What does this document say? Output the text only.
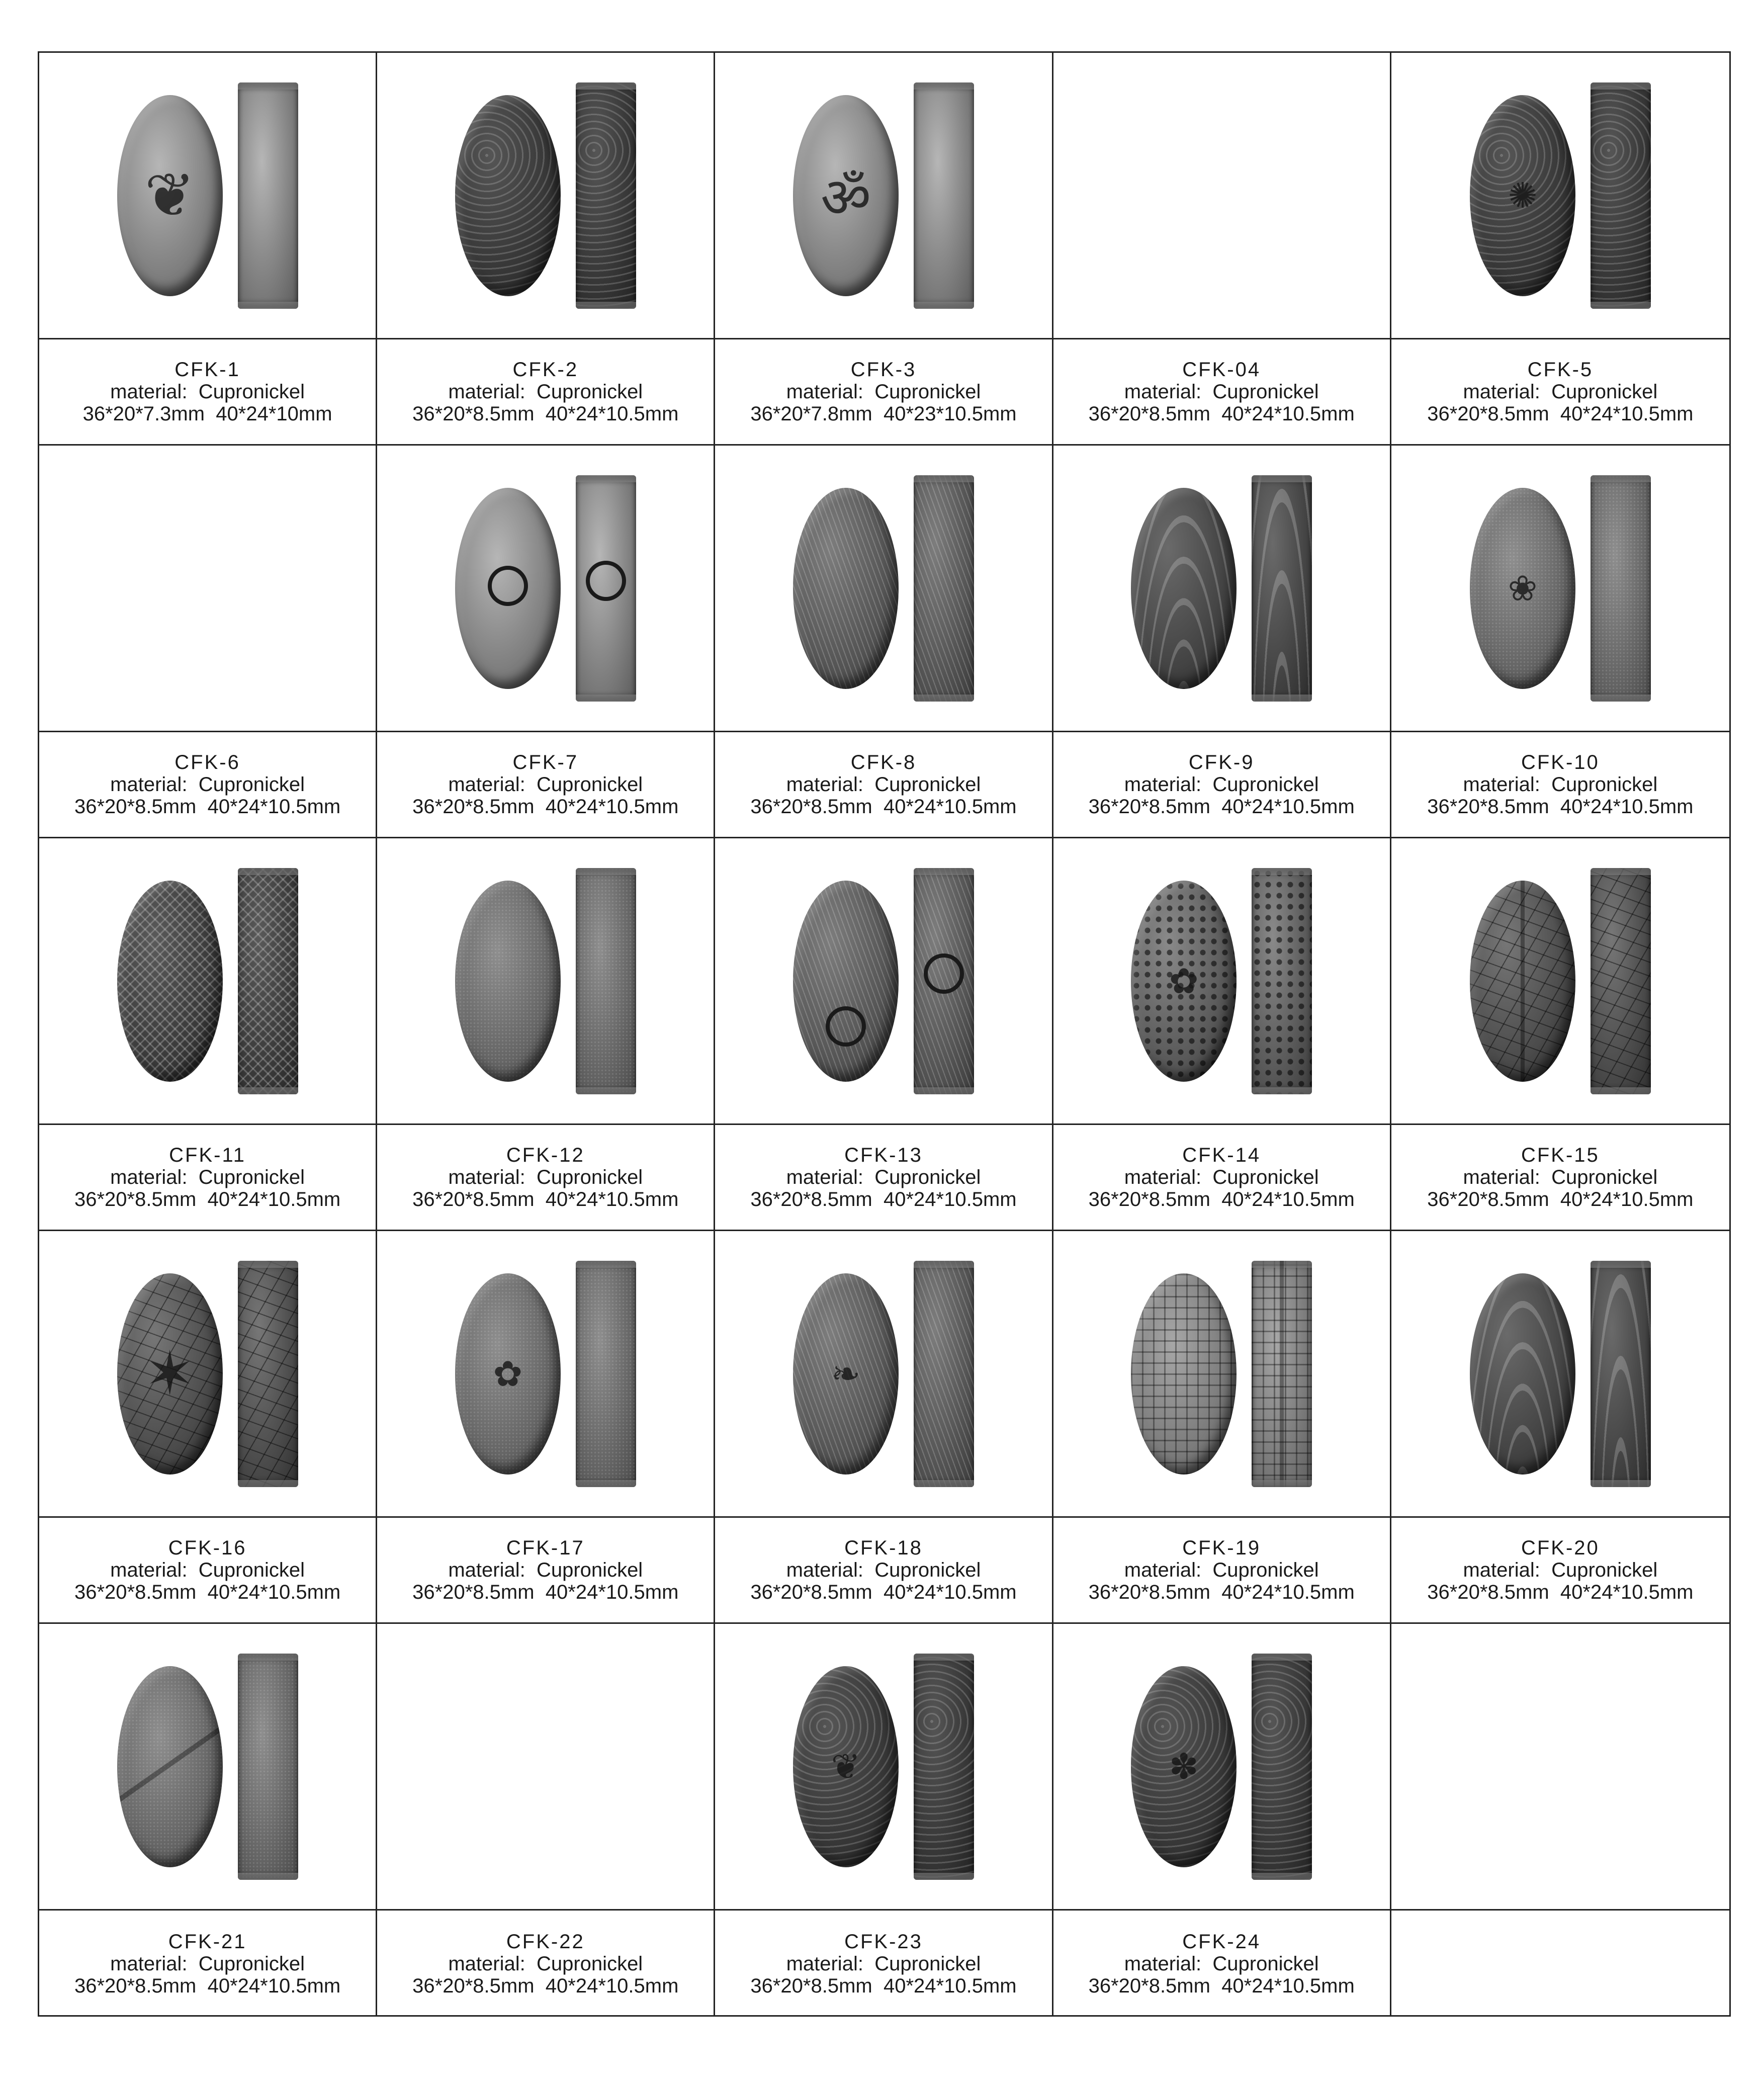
❦
CFK-1
material: Cupronickel
36*20*7.3mm 40*24*10mm
CFK-2
material: Cupronickel
36*20*8.5mm 40*24*10.5mm
ॐ
CFK-3
material: Cupronickel
36*20*7.8mm 40*23*10.5mm
CFK-04
material: Cupronickel
36*20*8.5mm 40*24*10.5mm
✺
CFK-5
material: Cupronickel
36*20*8.5mm 40*24*10.5mm
CFK-6
material: Cupronickel
36*20*8.5mm 40*24*10.5mm
CFK-7
material: Cupronickel
36*20*8.5mm 40*24*10.5mm
CFK-8
material: Cupronickel
36*20*8.5mm 40*24*10.5mm
CFK-9
material: Cupronickel
36*20*8.5mm 40*24*10.5mm
❀
CFK-10
material: Cupronickel
36*20*8.5mm 40*24*10.5mm
CFK-11
material: Cupronickel
36*20*8.5mm 40*24*10.5mm
CFK-12
material: Cupronickel
36*20*8.5mm 40*24*10.5mm
CFK-13
material: Cupronickel
36*20*8.5mm 40*24*10.5mm
✿
CFK-14
material: Cupronickel
36*20*8.5mm 40*24*10.5mm
CFK-15
material: Cupronickel
36*20*8.5mm 40*24*10.5mm
✶
CFK-16
material: Cupronickel
36*20*8.5mm 40*24*10.5mm
✿
CFK-17
material: Cupronickel
36*20*8.5mm 40*24*10.5mm
❧
CFK-18
material: Cupronickel
36*20*8.5mm 40*24*10.5mm
CFK-19
material: Cupronickel
36*20*8.5mm 40*24*10.5mm
CFK-20
material: Cupronickel
36*20*8.5mm 40*24*10.5mm
CFK-21
material: Cupronickel
36*20*8.5mm 40*24*10.5mm
CFK-22
material: Cupronickel
36*20*8.5mm 40*24*10.5mm
❦
CFK-23
material: Cupronickel
36*20*8.5mm 40*24*10.5mm
✽
CFK-24
material: Cupronickel
36*20*8.5mm 40*24*10.5mm
